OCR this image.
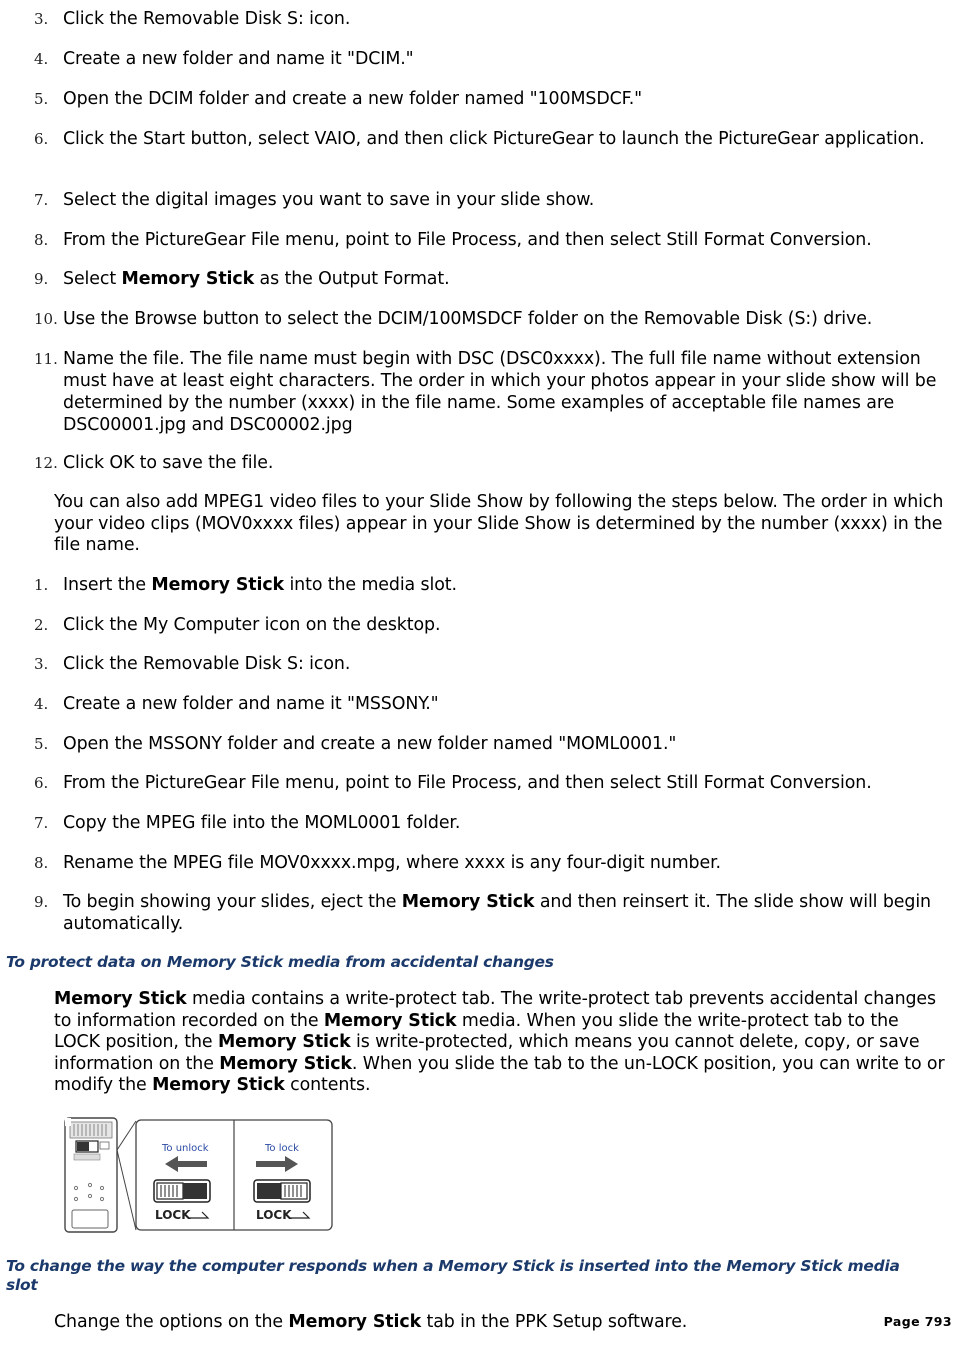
3. Click the Removable Disk S: icon.
4. Create a new folder and name it "DCIM."
5. Open the DCIM folder and create a new folder named "100MSDCF."
6. Click the Start button, select VAIO, and then click PictureGear to launch the PictureGear application.
7. Select the digital images you want to save in your slide show.
8. From the PictureGear File menu, point to File Process, and then select Still Format Conversion.
9. Select Memory Stick as the Output Format.
10. Use the Browse button to select the DCIM/100MSDCF folder on the Removable Disk (S:) drive.
11. Name the file. The file name must begin with DSC (DSC0xxxx). The full file name without extension must have at least eight characters. The order in which your photos appear in your slide show will be determined by the number (xxxx) in the file name. Some examples of acceptable file names are DSC00001.jpg and DSC00002.jpg
12. Click OK to save the file.

You can also add MPEG1 video files to your Slide Show by following the steps below. The order in which your video clips (MOV0xxxx files) appear in your Slide Show is determined by the number (xxxx) in the file name.

1. Insert the Memory Stick into the media slot.
2. Click the My Computer icon on the desktop.
3. Click the Removable Disk S: icon.
4. Create a new folder and name it "MSSONY."
5. Open the MSSONY folder and create a new folder named "MOML0001."
6. From the PictureGear File menu, point to File Process, and then select Still Format Conversion.
7. Copy the MPEG file into the MOML0001 folder.
8. Rename the MPEG file MOV0xxxx.mpg, where xxxx is any four-digit number.
9. To begin showing your slides, eject the Memory Stick and then reinsert it. The slide show will begin automatically.
To protect data on Memory Stick media from accidental changes

Memory Stick media contains a write-protect tab. The write-protect tab prevents accidental changes to information recorded on the Memory Stick media. When you slide the write-protect tab to the LOCK position, the Memory Stick is write-protected, which means you cannot delete, copy, or save information on the Memory Stick. When you slide the tab to the un-LOCK position, you can write to or modify the Memory Stick contents.

To unlock
LOCK
To lock
LOCK
To change the way the computer responds when a Memory Stick is inserted into the Memory Stick media slot

Change the options on the Memory Stick tab in the PPK Setup software.	Page 793
